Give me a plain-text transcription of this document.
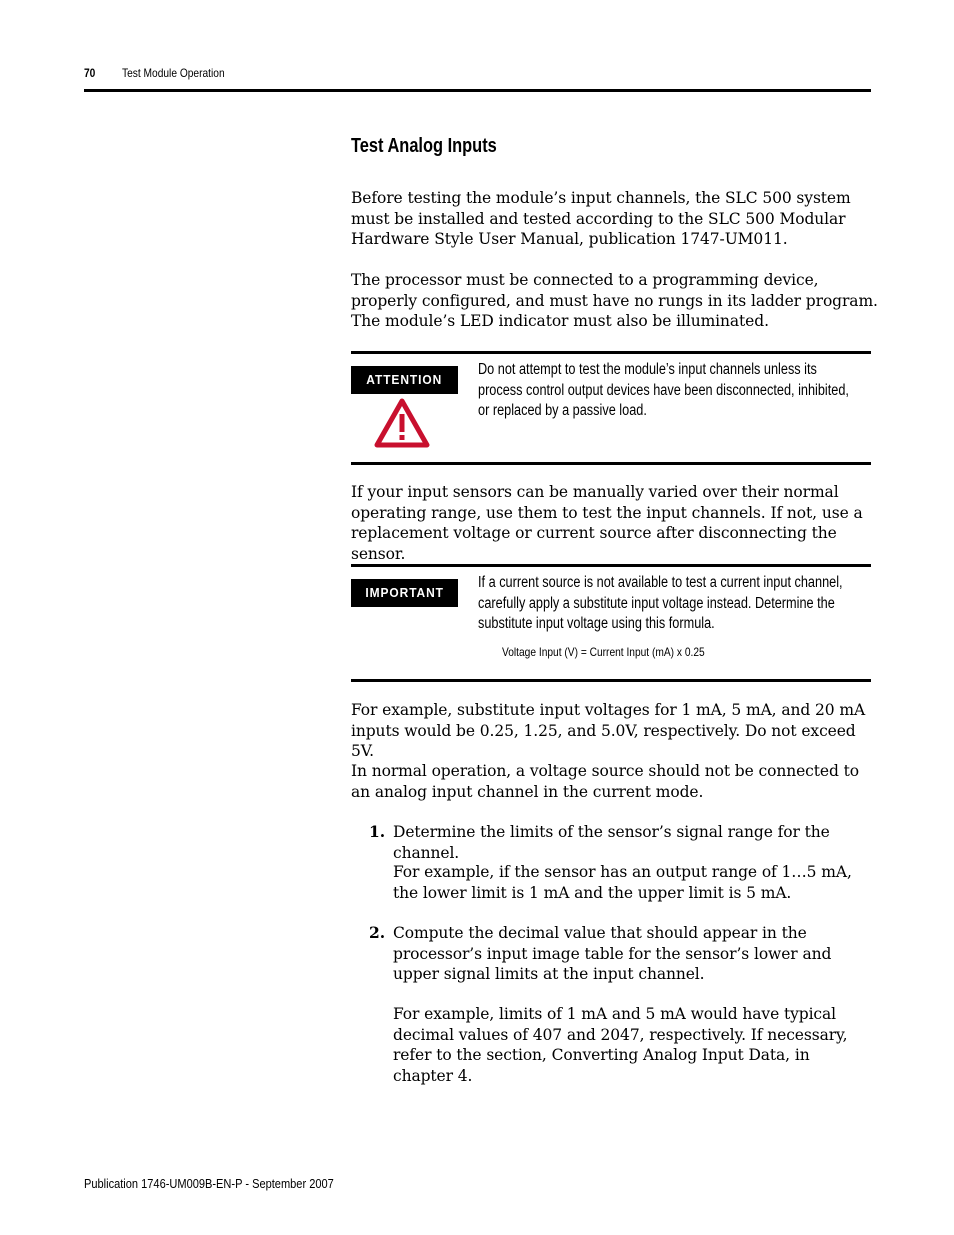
70 Test Module Operation
Test Analog Inputs

Before testing the module’s input channels, the SLC 500 system must be installed and tested according to the SLC 500 Modular Hardware Style User Manual, publication 1747-UM011.

The processor must be connected to a programming device, properly configured, and must have no rungs in its ladder program. The module’s LED indicator must also be illuminated.

ATTENTION
Do not attempt to test the module’s input channels unless its process control output devices have been disconnected, inhibited, or replaced by a passive load.

If your input sensors can be manually varied over their normal operating range, use them to test the input channels. If not, use a replacement voltage or current source after disconnecting the sensor.

IMPORTANT
If a current source is not available to test a current input channel, carefully apply a substitute input voltage instead. Determine the substitute input voltage using this formula.
Voltage Input (V) = Current Input (mA) x 0.25

For example, substitute input voltages for 1 mA, 5 mA, and 20 mA inputs would be 0.25, 1.25, and 5.0V, respectively. Do not exceed 5V.

In normal operation, a voltage source should not be connected to an analog input channel in the current mode.

1. Determine the limits of the sensor’s signal range for the channel.

For example, if the sensor has an output range of 1…5 mA, the lower limit is 1 mA and the upper limit is 5 mA.

2. Compute the decimal value that should appear in the processor’s input image table for the sensor’s lower and upper signal limits at the input channel.

For example, limits of 1 mA and 5 mA would have typical decimal values of 407 and 2047, respectively. If necessary, refer to the section, Converting Analog Input Data, in chapter 4.

Publication 1746-UM009B-EN-P - September 2007
